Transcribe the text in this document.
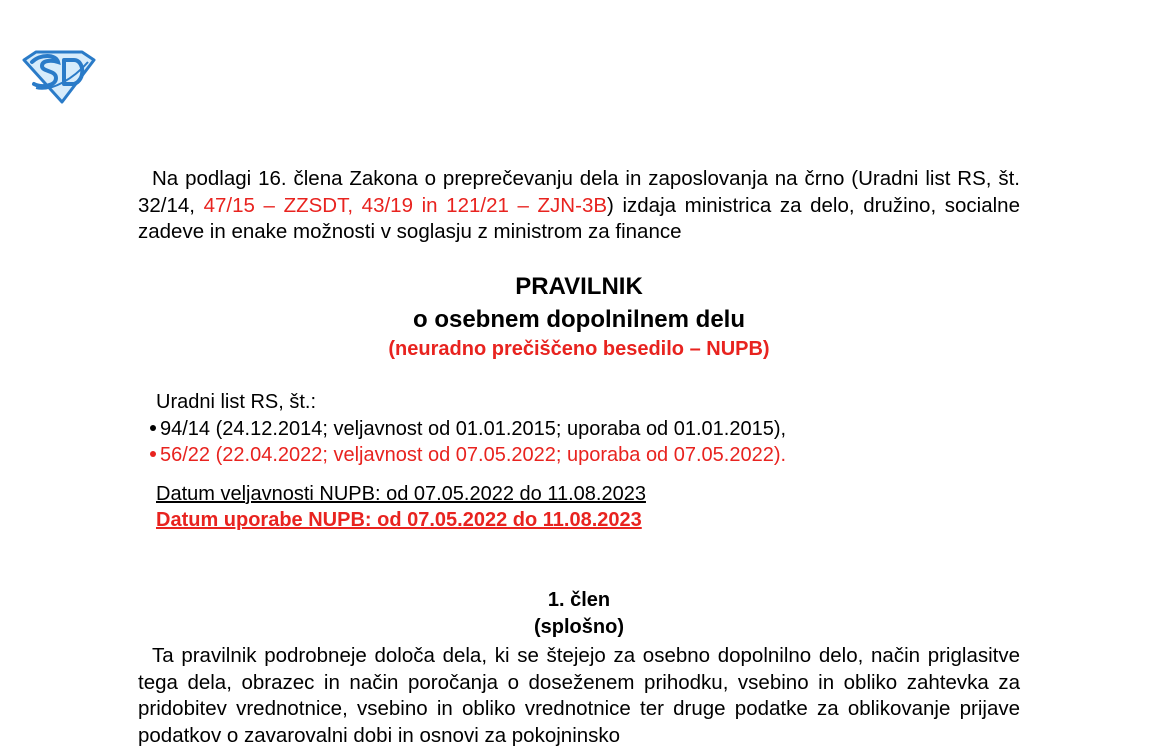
Na podlagi 16. člena Zakona o preprečevanju dela in zaposlovanja na črno (Uradni list RS, št. 32/14, 47/15 – ZZSDT, 43/19 in 121/21 – ZJN-3B) izdaja ministrica za delo, družino, socialne zadeve in enake možnosti v soglasju z ministrom za finance

PRAVILNIK

o osebnem dopolnilnem delu

(neuradno prečiščeno besedilo – NUPB)

Uradni list RS, št.:
94/14 (24.12.2014; veljavnost od 01.01.2015; uporaba od 01.01.2015),
56/22 (22.04.2022; veljavnost od 07.05.2022; uporaba od 07.05.2022).
Datum veljavnosti NUPB: od 07.05.2022 do 11.08.2023
Datum uporabe NUPB: od 07.05.2022 do 11.08.2023

1. člen

(splošno)

Ta pravilnik podrobneje določa dela, ki se štejejo za osebno dopolnilno delo, način priglasitve tega dela, obrazec in način poročanja o doseženem prihodku, vsebino in obliko zahtevka za pridobitev vrednotnice, vsebino in obliko vrednotnice ter druge podatke za oblikovanje prijave podatkov o zavarovalni dobi in osnovi za pokojninsko
